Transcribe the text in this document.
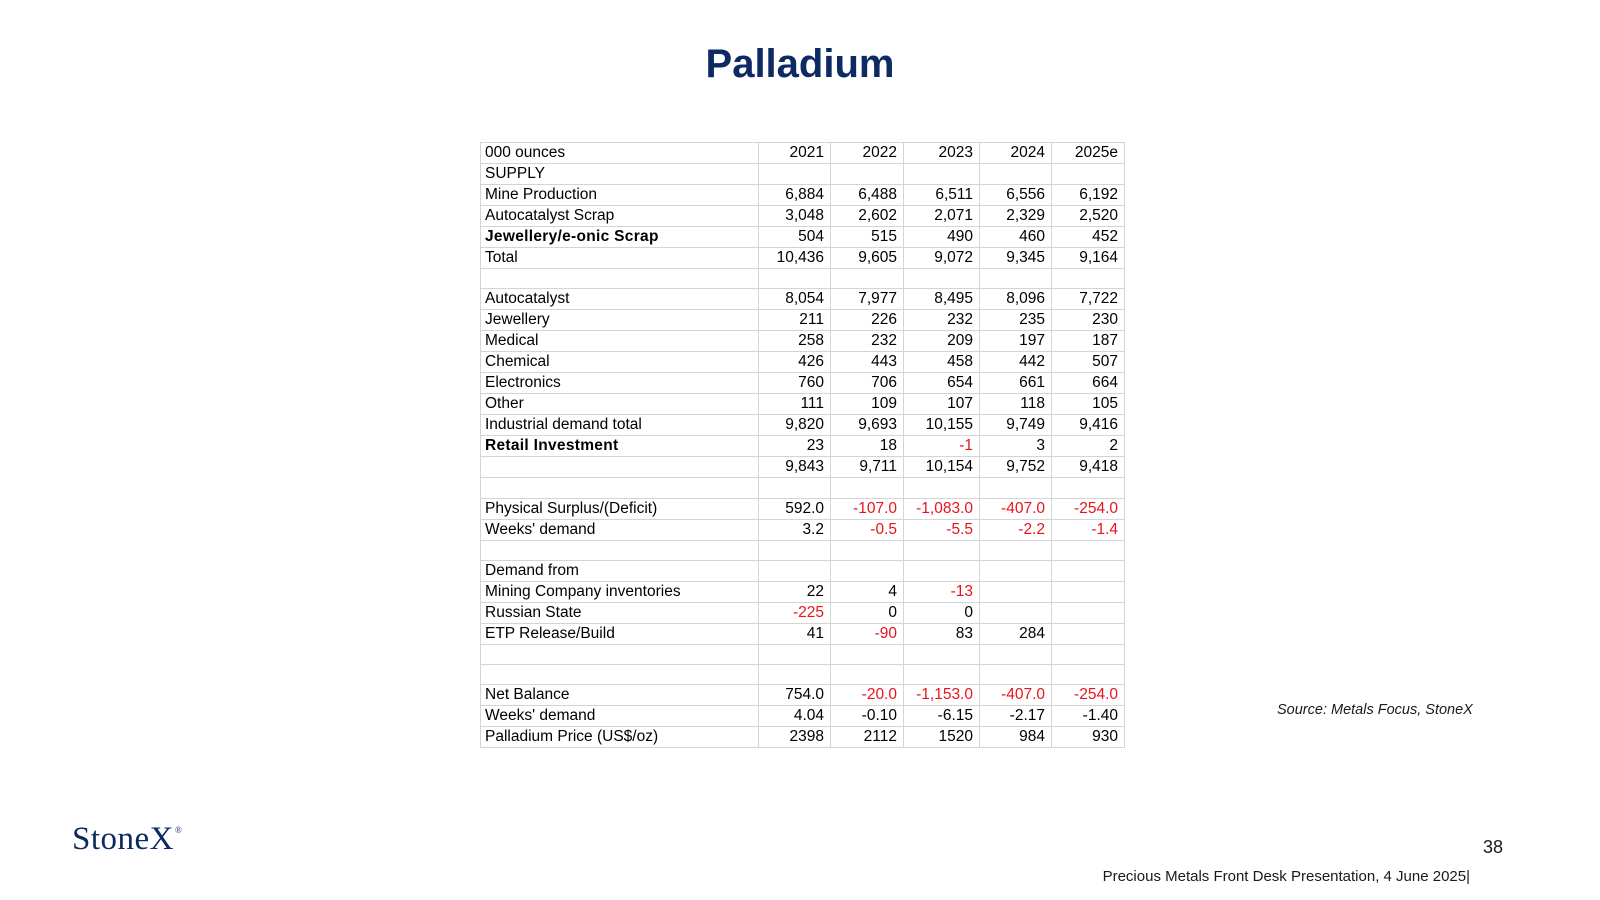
Palladium
000 ounces	2021	2022	2023	2024	2025e
SUPPLY					
Mine Production	6,884	6,488	6,511	6,556	6,192
Autocatalyst Scrap	3,048	2,602	2,071	2,329	2,520
Jewellery/e-onic Scrap	504	515	490	460	452
Total	10,436	9,605	9,072	9,345	9,164

Autocatalyst	8,054	7,977	8,495	8,096	7,722
Jewellery	211	226	232	235	230
Medical	258	232	209	197	187
Chemical	426	443	458	442	507
Electronics	760	706	654	661	664
Other	111	109	107	118	105
Industrial demand total	9,820	9,693	10,155	9,749	9,416
Retail Investment	23	18	-1	3	2
	9,843	9,711	10,154	9,752	9,418

Physical Surplus/(Deficit)	592.0	-107.0	-1,083.0	-407.0	-254.0
Weeks' demand	3.2	-0.5	-5.5	-2.2	-1.4

Demand from					
Mining Company inventories	22	4	-13		
Russian State	-225	0	0		
ETP Release/Build	41	-90	83	284	

Net Balance	754.0	-20.0	-1,153.0	-407.0	-254.0
Weeks' demand	4.04	-0.10	-6.15	-2.17	-1.40
Palladium Price (US$/oz)	2398	2112	1520	984	930
Source: Metals Focus, StoneX
StoneX®
38
Precious Metals Front Desk Presentation, 4 June 2025|
